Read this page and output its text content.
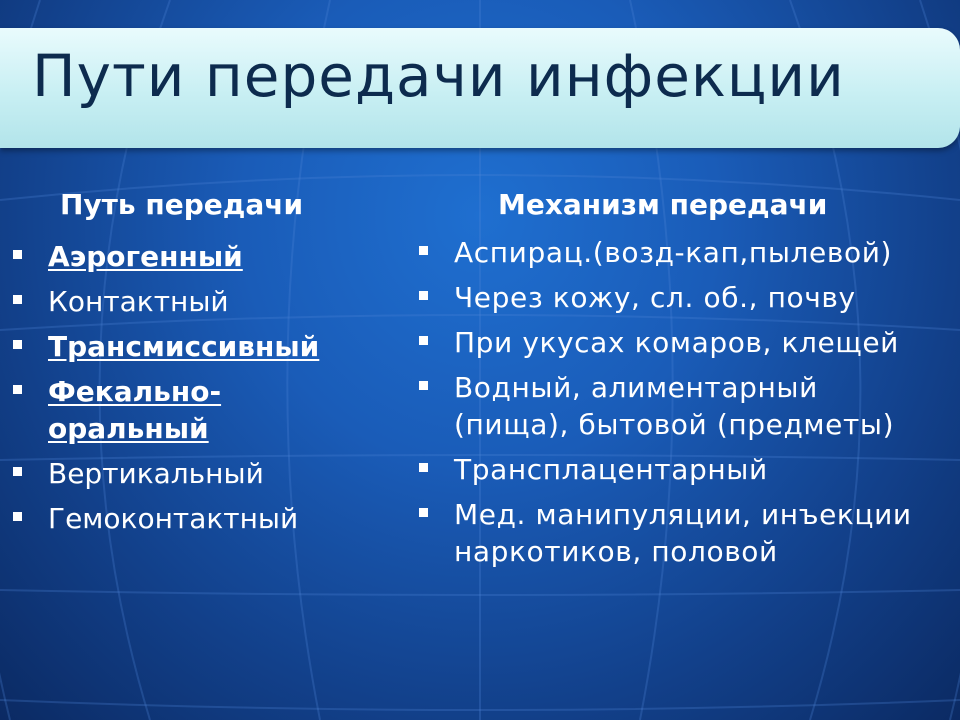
Пути передачи инфекции
Путь передачи	Механизм передачи
Аэрогенный
Контактный
Трансмиссивный
Фекально-
оральный
Вертикальный
Гемоконтактный
Аспирац.(возд-кап,пылевой)
Через кожу, сл. об., почву
При укусах комаров, клещей
Водный, алиментарный
(пища), бытовой (предметы)
Трансплацентарный
Мед. манипуляции, инъекции
наркотиков, половой
